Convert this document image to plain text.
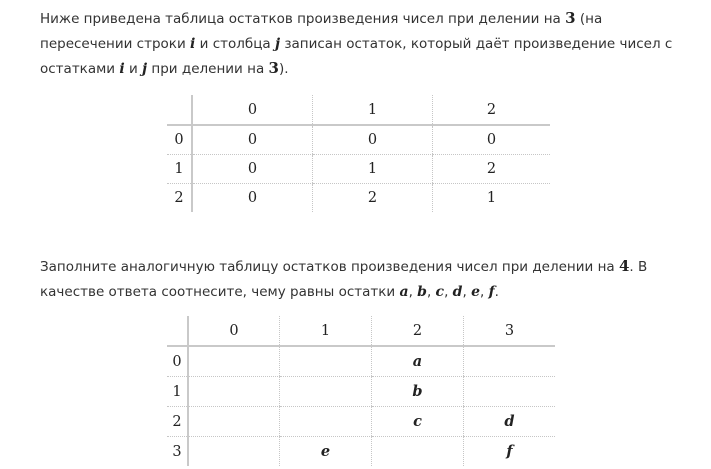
Ниже приведена таблица остатков произведения чисел при делении на 3 (на пересечении строки i и столбца j записан остаток, который даёт произведение чисел с остатками i и j при делении на 3).
	0	1	2
0	0	0	0
1	0	1	2
2	0	2	1
Заполните аналогичную таблицу остатков произведения чисел при делении на 4. В качестве ответа соотнесите, чему равны остатки a, b, c, d, e, f.
	0	1	2	3
0			a	
1			b	
2			c	d
3		e		f
